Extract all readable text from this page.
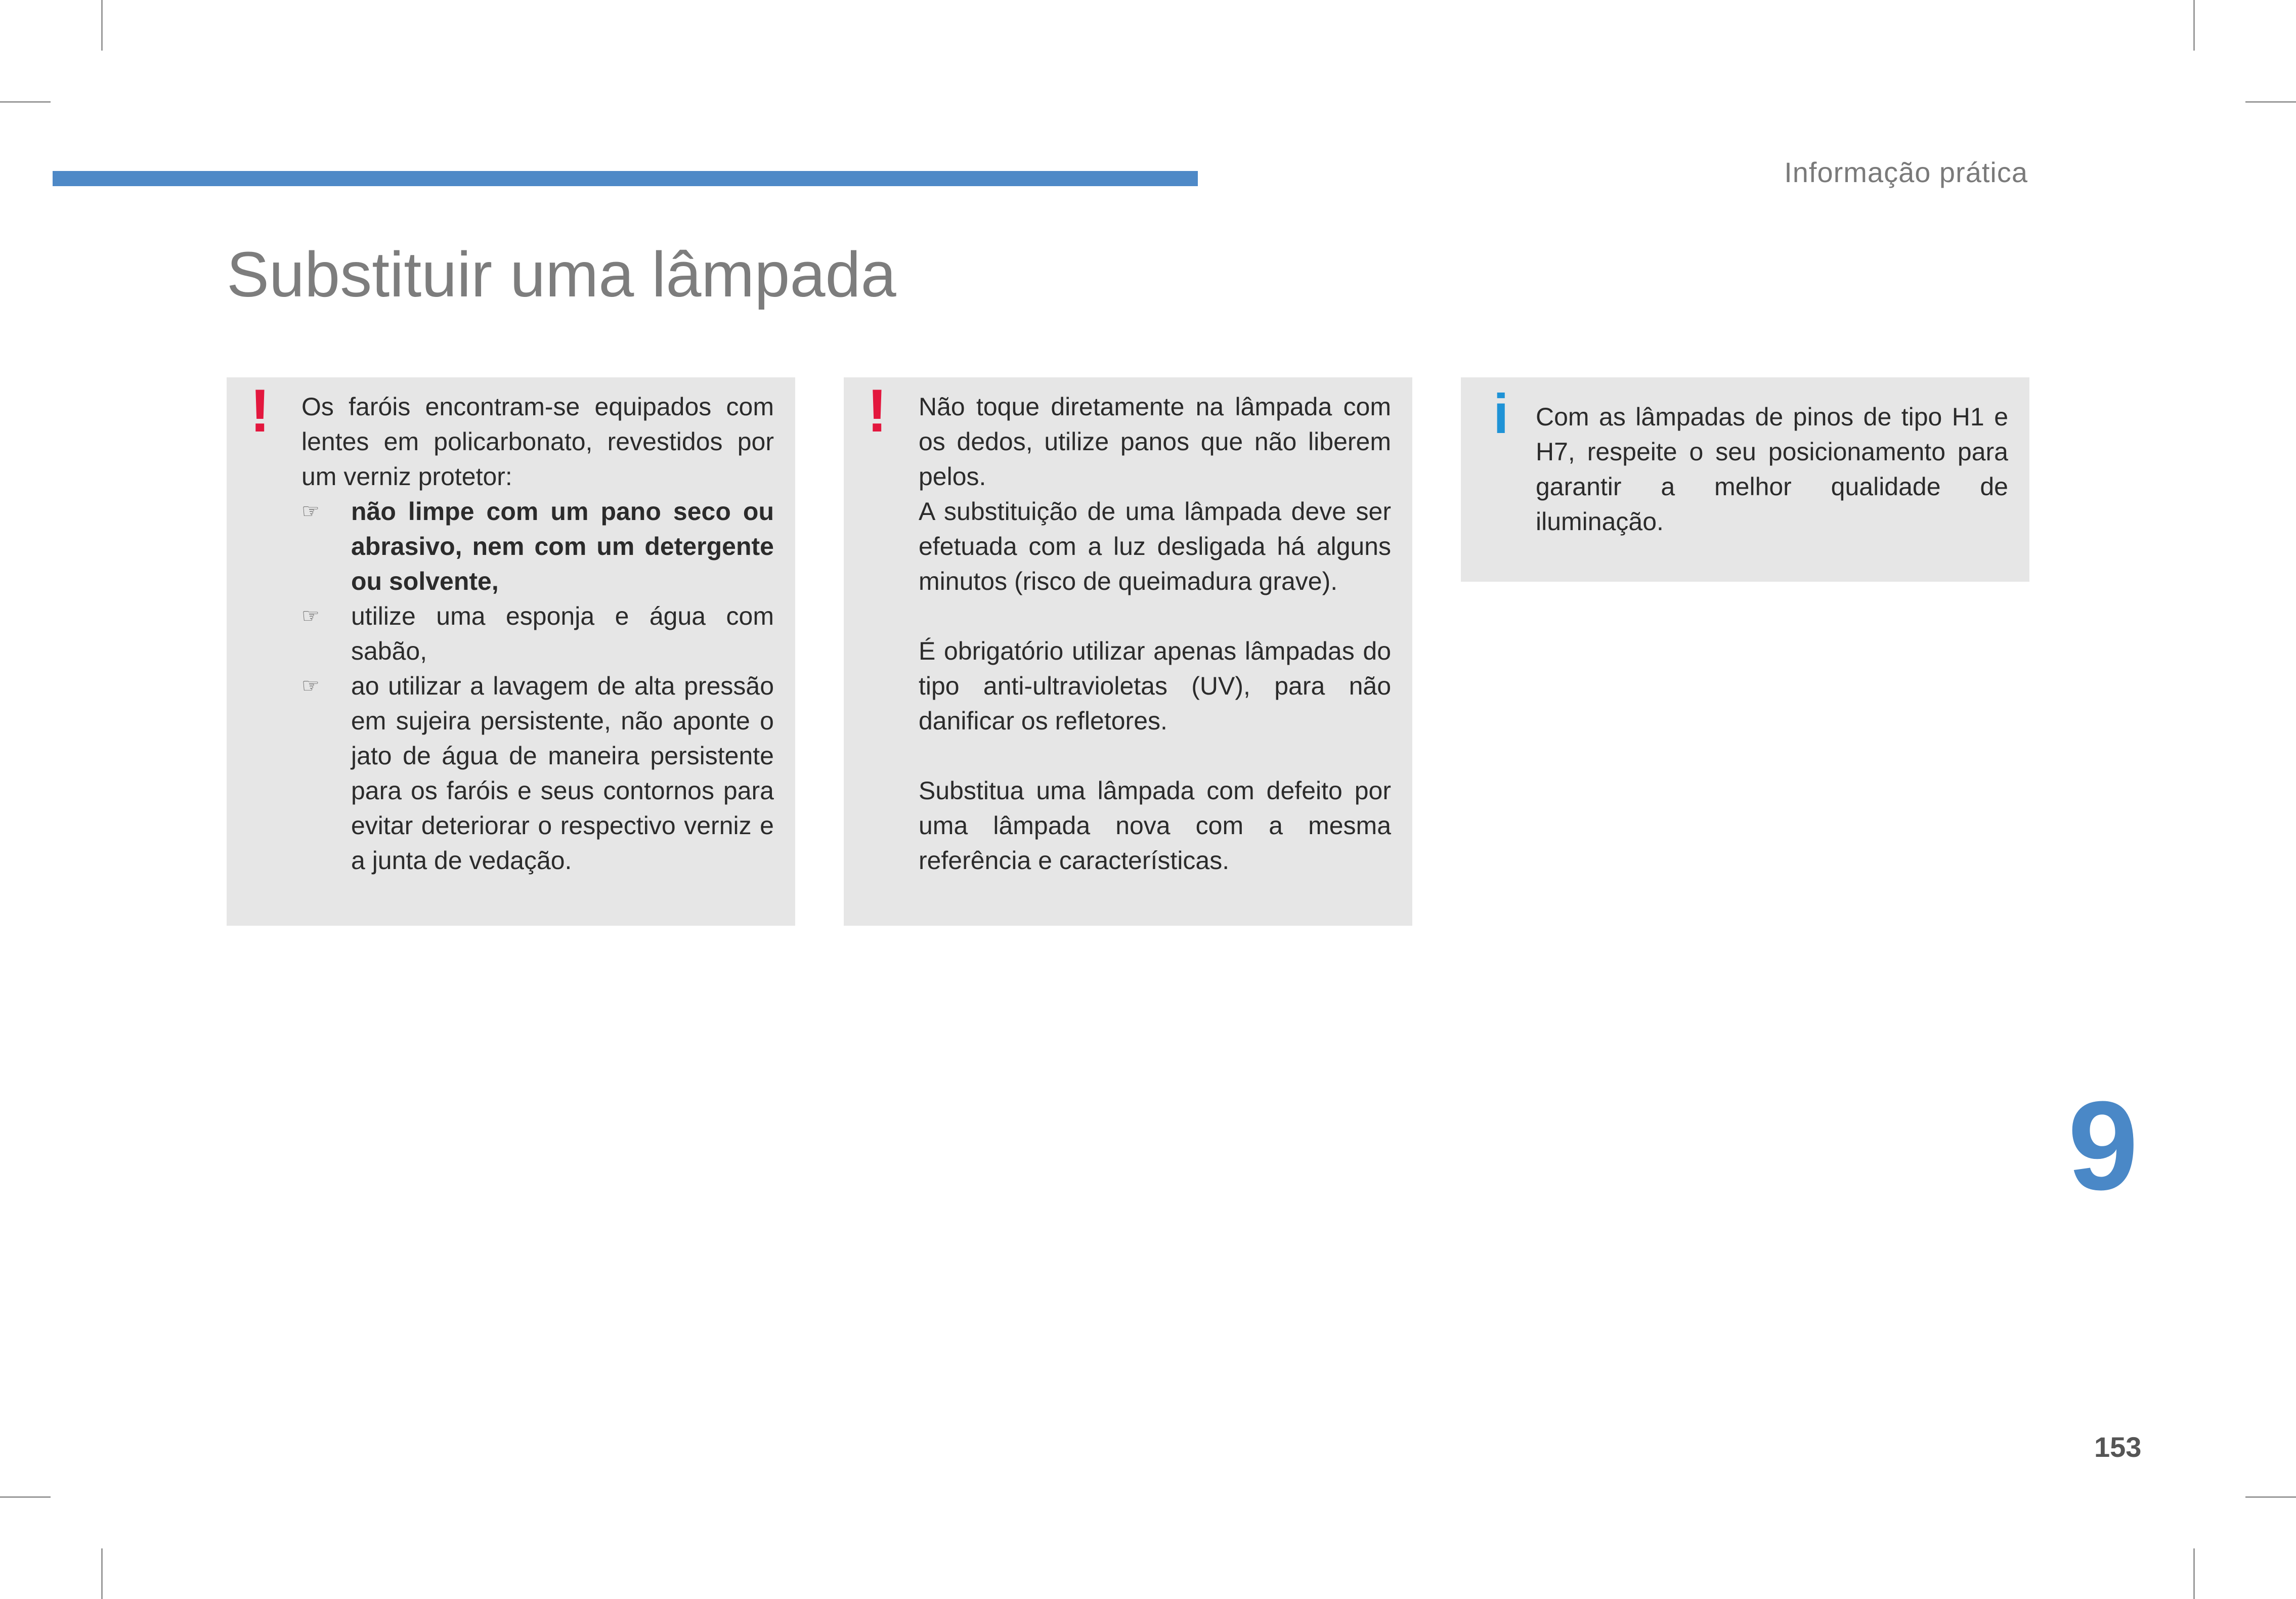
Informação prática
Substituir uma lâmpada
! Os faróis encontram-se equipados com lentes em policarbonato, revestidos por um verniz protetor:

☞ não limpe com um pano seco ou abrasivo, nem com um detergente ou solvente,
☞ utilize uma esponja e água com sabão,
☞ ao utilizar a lavagem de alta pressão em sujeira persistente, não aponte o jato de água de maneira persistente para os faróis e seus contornos para evitar deteriorar o respectivo verniz e a junta de vedação.
! Não toque diretamente na lâmpada com os dedos, utilize panos que não liberem pelos.

A substituição de uma lâmpada deve ser efetuada com a luz desligada há alguns minutos (risco de queimadura grave).

É obrigatório utilizar apenas lâmpadas do tipo anti-ultravioletas (UV), para não danificar os refletores.

Substitua uma lâmpada com defeito por uma lâmpada nova com a mesma referência e características.

i Com as lâmpadas de pinos de tipo H1 e H7, respeite o seu posicionamento para garantir a melhor qualidade de iluminação.

9
153
